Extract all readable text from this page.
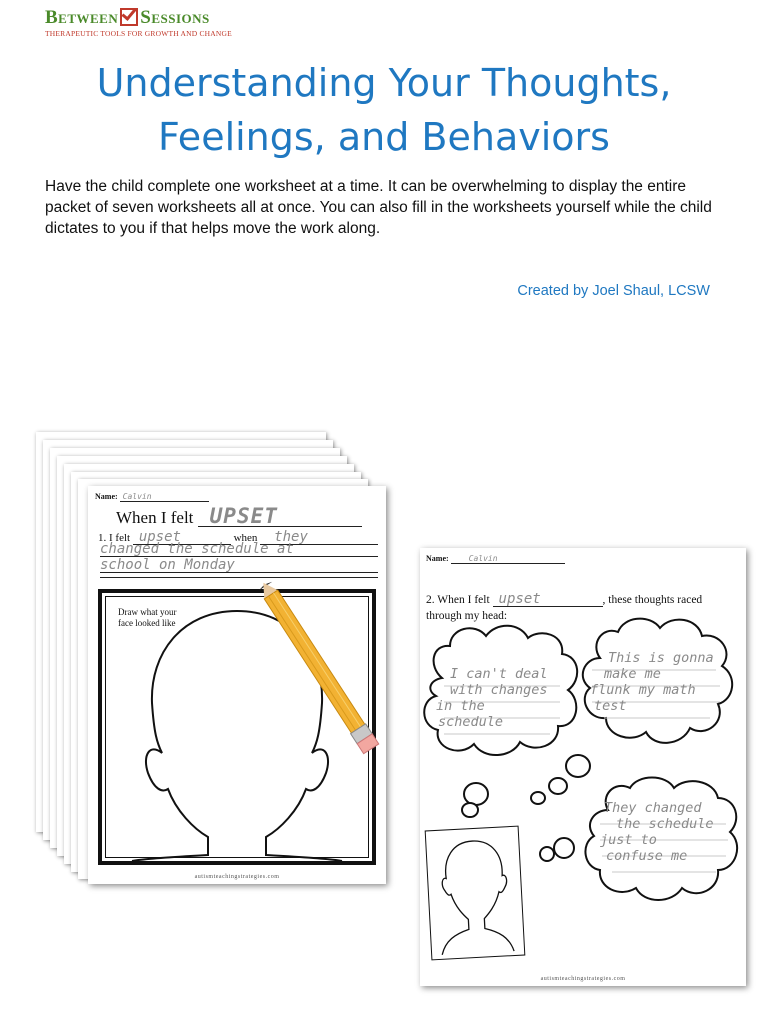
Between Sessions
THERAPEUTIC TOOLS FOR GROWTH AND CHANGE
Understanding Your Thoughts,
Feelings, and Behaviors

Have the child complete one worksheet at a time. It can be overwhelming to display the entire packet of seven worksheets all at once. You can also fill in the worksheets yourself while the child dictates to you if that helps move the work along.

Created by Joel Shaul, LCSW
Name: Calvin
When I felt UPSET
1. I felt upset	when they
changed the schedule at
school on Monday
Draw what your face looked like
autismteachingstrategies.com
Name:	Calvin
2. When I felt upset	, these thoughts raced
through my head:
I can't deal
with changes
in the
schedule
This is gonna
make me
flunk my math
test
They changed
the schedule
just to
confuse me
autismteachingstrategies.com
